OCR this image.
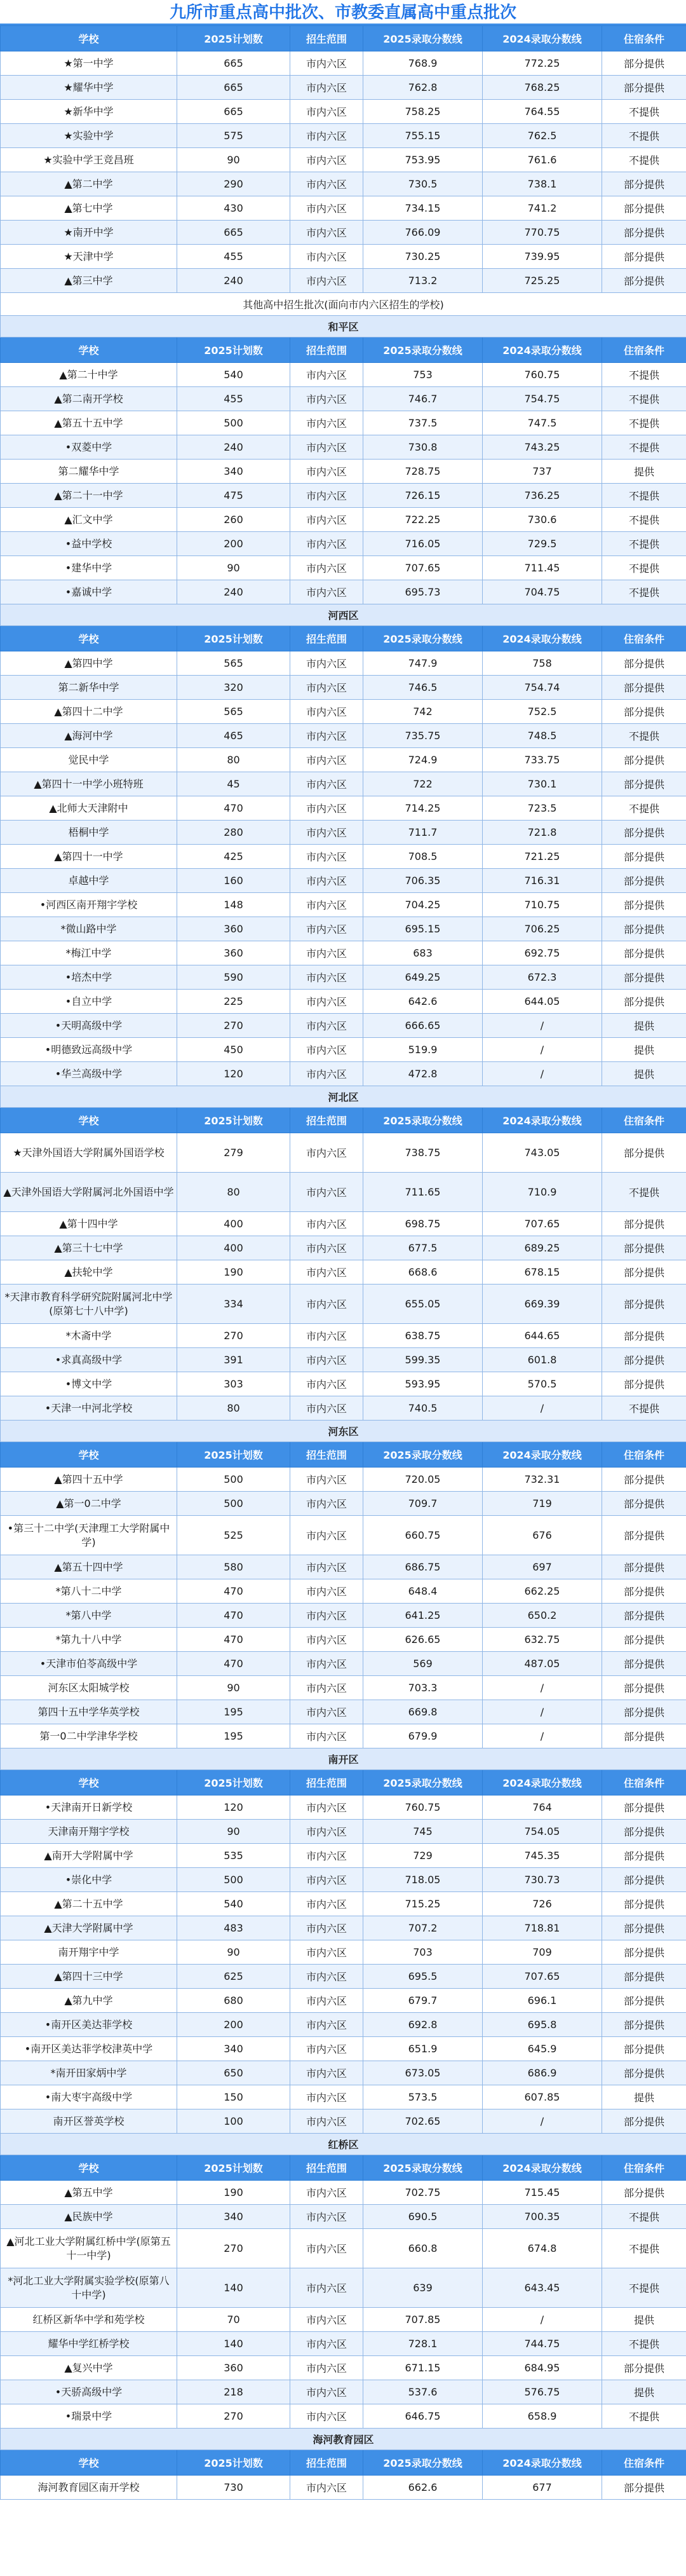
九所市重点高中批次、市教委直属高中重点批次
学校	2025计划数	招生范围	2025录取分数线	2024录取分数线	住宿条件
★第一中学	665	市内六区	768.9	772.25	部分提供
★耀华中学	665	市内六区	762.8	768.25	部分提供
★新华中学	665	市内六区	758.25	764.55	不提供
★实验中学	575	市内六区	755.15	762.5	不提供
★实验中学王竞昌班	90	市内六区	753.95	761.6	不提供
▲第二中学	290	市内六区	730.5	738.1	部分提供
▲第七中学	430	市内六区	734.15	741.2	部分提供
★南开中学	665	市内六区	766.09	770.75	部分提供
★天津中学	455	市内六区	730.25	739.95	部分提供
▲第三中学	240	市内六区	713.2	725.25	部分提供
其他高中招生批次(面向市内六区招生的学校)					
和平区					
学校	2025计划数	招生范围	2025录取分数线	2024录取分数线	住宿条件
▲第二十中学	540	市内六区	753	760.75	不提供
▲第二南开学校	455	市内六区	746.7	754.75	不提供
▲第五十五中学	500	市内六区	737.5	747.5	不提供
•双菱中学	240	市内六区	730.8	743.25	不提供
第二耀华中学	340	市内六区	728.75	737	提供
▲第二十一中学	475	市内六区	726.15	736.25	不提供
▲汇文中学	260	市内六区	722.25	730.6	不提供
•益中学校	200	市内六区	716.05	729.5	不提供
•建华中学	90	市内六区	707.65	711.45	不提供
•嘉诚中学	240	市内六区	695.73	704.75	不提供
河西区					
学校	2025计划数	招生范围	2025录取分数线	2024录取分数线	住宿条件
▲第四中学	565	市内六区	747.9	758	部分提供
第二新华中学	320	市内六区	746.5	754.74	部分提供
▲第四十二中学	565	市内六区	742	752.5	部分提供
▲海河中学	465	市内六区	735.75	748.5	不提供
觉民中学	80	市内六区	724.9	733.75	部分提供
▲第四十一中学小班特班	45	市内六区	722	730.1	部分提供
▲北师大天津附中	470	市内六区	714.25	723.5	不提供
梧桐中学	280	市内六区	711.7	721.8	部分提供
▲第四十一中学	425	市内六区	708.5	721.25	部分提供
卓越中学	160	市内六区	706.35	716.31	部分提供
•河西区南开翔宇学校	148	市内六区	704.25	710.75	部分提供
*微山路中学	360	市内六区	695.15	706.25	部分提供
*梅江中学	360	市内六区	683	692.75	部分提供
•培杰中学	590	市内六区	649.25	672.3	部分提供
•自立中学	225	市内六区	642.6	644.05	部分提供
•天明高级中学	270	市内六区	666.65	/	提供
•明德致远高级中学	450	市内六区	519.9	/	提供
•华兰高级中学	120	市内六区	472.8	/	提供
河北区					
学校	2025计划数	招生范围	2025录取分数线	2024录取分数线	住宿条件
★天津外国语大学附属外国语学校	279	市内六区	738.75	743.05	部分提供
▲天津外国语大学附属河北外国语中学	80	市内六区	711.65	710.9	不提供
▲第十四中学	400	市内六区	698.75	707.65	部分提供
▲第三十七中学	400	市内六区	677.5	689.25	部分提供
▲扶轮中学	190	市内六区	668.6	678.15	部分提供
*天津市教育科学研究院附属河北中学(原第七十八中学)	334	市内六区	655.05	669.39	部分提供
*木斋中学	270	市内六区	638.75	644.65	部分提供
•求真高级中学	391	市内六区	599.35	601.8	部分提供
•博文中学	303	市内六区	593.95	570.5	部分提供
•天津一中河北学校	80	市内六区	740.5	/	不提供
河东区					
学校	2025计划数	招生范围	2025录取分数线	2024录取分数线	住宿条件
▲第四十五中学	500	市内六区	720.05	732.31	部分提供
▲第一0二中学	500	市内六区	709.7	719	部分提供
•第三十二中学(天津理工大学附属中学)	525	市内六区	660.75	676	部分提供
▲第五十四中学	580	市内六区	686.75	697	部分提供
*第八十二中学	470	市内六区	648.4	662.25	部分提供
*第八中学	470	市内六区	641.25	650.2	部分提供
*第九十八中学	470	市内六区	626.65	632.75	部分提供
•天津市伯苓高级中学	470	市内六区	569	487.05	部分提供
河东区太阳城学校	90	市内六区	703.3	/	部分提供
第四十五中学华英学校	195	市内六区	669.8	/	部分提供
第一0二中学津华学校	195	市内六区	679.9	/	部分提供
南开区					
学校	2025计划数	招生范围	2025录取分数线	2024录取分数线	住宿条件
•天津南开日新学校	120	市内六区	760.75	764	部分提供
天津南开翔宇学校	90	市内六区	745	754.05	部分提供
▲南开大学附属中学	535	市内六区	729	745.35	部分提供
•崇化中学	500	市内六区	718.05	730.73	部分提供
▲第二十五中学	540	市内六区	715.25	726	部分提供
▲天津大学附属中学	483	市内六区	707.2	718.81	部分提供
南开翔宇中学	90	市内六区	703	709	部分提供
▲第四十三中学	625	市内六区	695.5	707.65	部分提供
▲第九中学	680	市内六区	679.7	696.1	部分提供
•南开区美达菲学校	200	市内六区	692.8	695.8	部分提供
•南开区美达菲学校津英中学	340	市内六区	651.9	645.9	部分提供
*南开田家炳中学	650	市内六区	673.05	686.9	部分提供
•南大枣宇高级中学	150	市内六区	573.5	607.85	提供
南开区誉英学校	100	市内六区	702.65	/	部分提供
红桥区					
学校	2025计划数	招生范围	2025录取分数线	2024录取分数线	住宿条件
▲第五中学	190	市内六区	702.75	715.45	部分提供
▲民族中学	340	市内六区	690.5	700.35	不提供
▲河北工业大学附属红桥中学(原第五十一中学)	270	市内六区	660.8	674.8	不提供
*河北工业大学附属实验学校(原第八十中学)	140	市内六区	639	643.45	不提供
红桥区新华中学和苑学校	70	市内六区	707.85	/	提供
耀华中学红桥学校	140	市内六区	728.1	744.75	不提供
▲复兴中学	360	市内六区	671.15	684.95	部分提供
•天骄高级中学	218	市内六区	537.6	576.75	提供
•瑞景中学	270	市内六区	646.75	658.9	不提供
海河教育园区					
学校	2025计划数	招生范围	2025录取分数线	2024录取分数线	住宿条件
海河教育园区南开学校	730	市内六区	662.6	677	部分提供
